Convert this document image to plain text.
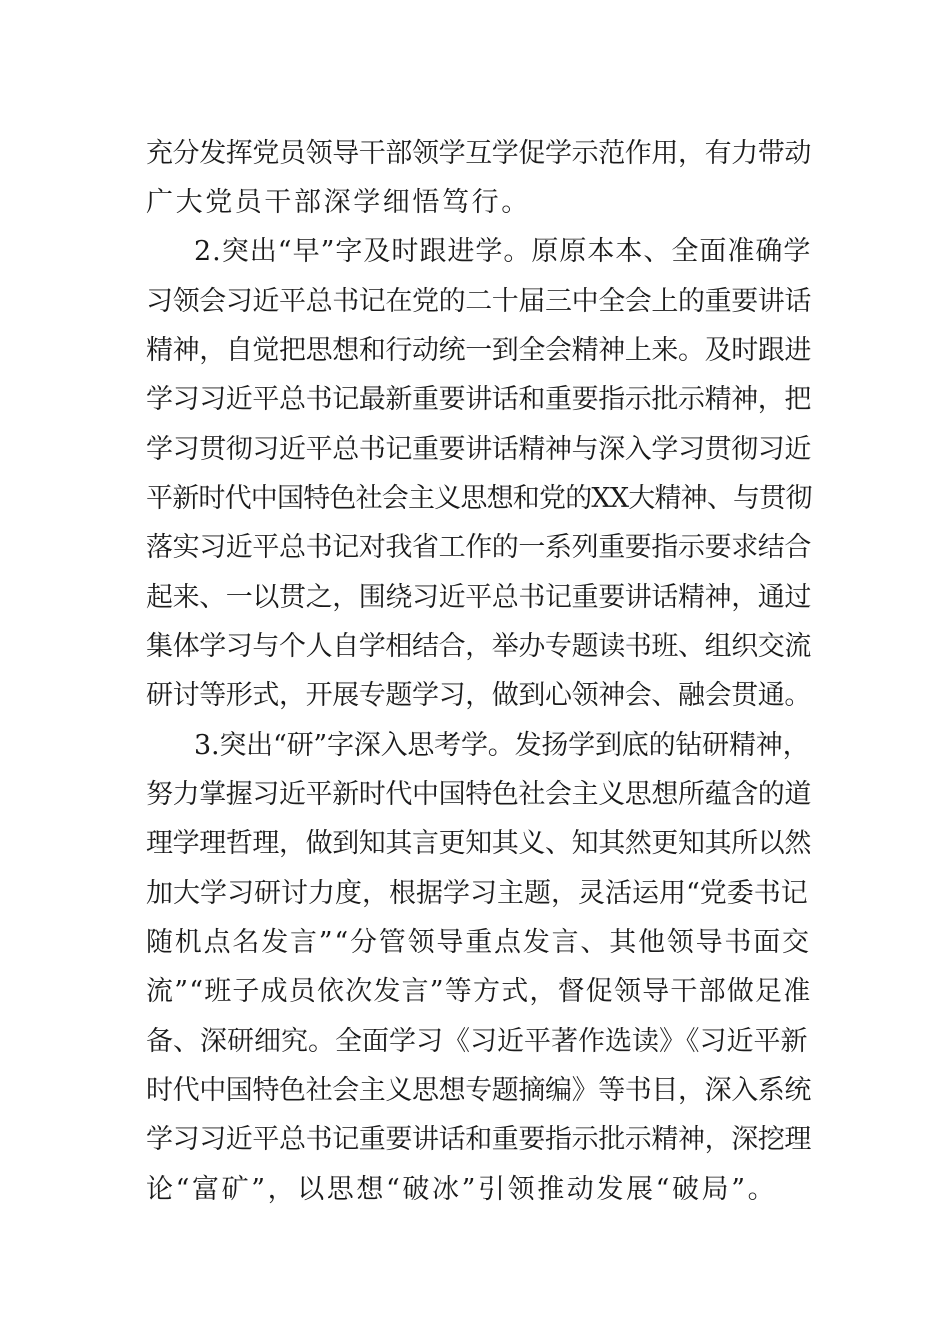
充分发挥党员领导干部领学互学促学示范作用，有力带动
广大党员干部深学细悟笃行。
2.突出“早”字及时跟进学。原原本本、全面准确学
习领会习近平总书记在党的二十届三中全会上的重要讲话
精神，自觉把思想和行动统一到全会精神上来。及时跟进
学习习近平总书记最新重要讲话和重要指示批示精神，把
学习贯彻习近平总书记重要讲话精神与深入学习贯彻习近
平新时代中国特色社会主义思想和党的XX大精神、与贯彻
落实习近平总书记对我省工作的一系列重要指示要求结合
起来、一以贯之，围绕习近平总书记重要讲话精神，通过
集体学习与个人自学相结合，举办专题读书班、组织交流
研讨等形式，开展专题学习，做到心领神会、融会贯通。
3.突出“研”字深入思考学。发扬学到底的钻研精神，
努力掌握习近平新时代中国特色社会主义思想所蕴含的道
理学理哲理，做到知其言更知其义、知其然更知其所以然
加大学习研讨力度，根据学习主题，灵活运用“党委书记
随机点名发言”“分管领导重点发言、其他领导书面交
流”“班子成员依次发言”等方式，督促领导干部做足准
备、深研细究。全面学习《习近平著作选读》《习近平新
时代中国特色社会主义思想专题摘编》等书目，深入系统
学习习近平总书记重要讲话和重要指示批示精神，深挖理
论“富矿”，以思想“破冰”引领推动发展“破局”。
